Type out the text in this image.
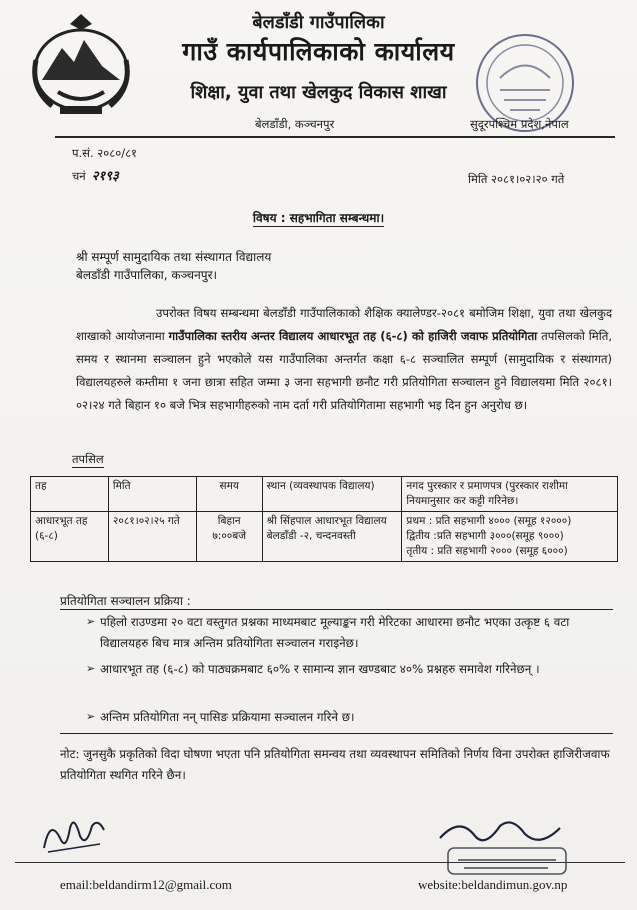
बेलडाँडी गाउँपालिका
गाउँ कार्यपालिकाको कार्यालय
शिक्षा, युवा तथा खेलकुद विकास शाखा
बेलडाँडी, कञ्चनपुर	सुदूरपश्चिम प्रदेश,नेपाल
प.सं. २०८०/८१
चनं २१९३	मिति २०८१।०२।२० गते
विषय : सहभागिता सम्बन्धमा।
श्री सम्पूर्ण सामुदायिक तथा संस्थागत विद्यालय
बेलडाँडी गाउँपालिका, कञ्चनपुर।
उपरोक्त विषय सम्बन्धमा बेलडाँडी गाउँपालिकाको शैक्षिक क्यालेण्डर-२०८१ बमोजिम शिक्षा, युवा तथा खेलकुद शाखाको आयोजनामा गाउँपालिका स्तरीय अन्तर विद्यालय आधारभूत तह (६-८) को हाजिरी जवाफ प्रतियोगिता तपसिलको मिति, समय र स्थानमा सञ्चालन हुने भएकोले यस गाउँपालिका अन्तर्गत कक्षा ६-८ सञ्चालित सम्पूर्ण (सामुदायिक र संस्थागत) विद्यालयहरुले कम्तीमा १ जना छात्रा सहित जम्मा ३ जना सहभागी छनौट गरी प्रतियोगिता सञ्चालन हुने विद्यालयमा मिति २०८१।०२।२४ गते बिहान १० बजे भित्र सहभागीहरुको नाम दर्ता गरी प्रतियोगितामा सहभागी भइ दिन हुन अनुरोध छ।
तपसिल
तह	मिति	समय	स्थान (व्यवस्थापक विद्यालय)	नगद पुरस्कार र प्रमाणपत्र (पुरस्कार राशीमा नियमानुसार कर कट्टी गरिनेछ।
आधारभूत तह (६-८)	२०८१।०२।२५ गते	बिहान ७:००बजे	श्री सिंहपाल आधारभूत विद्यालय बेलडाँडी -२, चन्दनवस्ती	प्रथम : प्रति सहभागी ४००० (समूह १२०००)
द्वितीय :प्रति सहभागी ३०००(समूह ९०००)
तृतीय : प्रति सहभागी २००० (समूह ६०००)
प्रतियोगिता सञ्चालन प्रक्रिया :
➢ पहिलो राउण्डमा २० वटा वस्तुगत प्रश्नका माध्यमबाट मूल्याङ्कन गरी मेरिटका आधारमा छनौट भएका उत्कृष्ट ६ वटा विद्यालयहरु बिच मात्र अन्तिम प्रतियोगिता सञ्चालन गराइनेछ।
➢ आधारभूत तह (६-८) को पाठ्यक्रमबाट ६०% र सामान्य ज्ञान खण्डबाट ४०% प्रश्नहरु समावेश गरिनेछन् ।
➢ अन्तिम प्रतियोगिता नन् पासिङ प्रक्रियामा सञ्चालन गरिने छ।
नोट: जुनसुकै प्रकृतिको विदा घोषणा भएता पनि प्रतियोगिता समन्वय तथा व्यवस्थापन समितिको निर्णय विना उपरोक्त हाजिरीजवाफ प्रतियोगिता स्थगित गरिने छैन।
email:beldandirm12@gmail.com	website:beldandimun.gov.np
